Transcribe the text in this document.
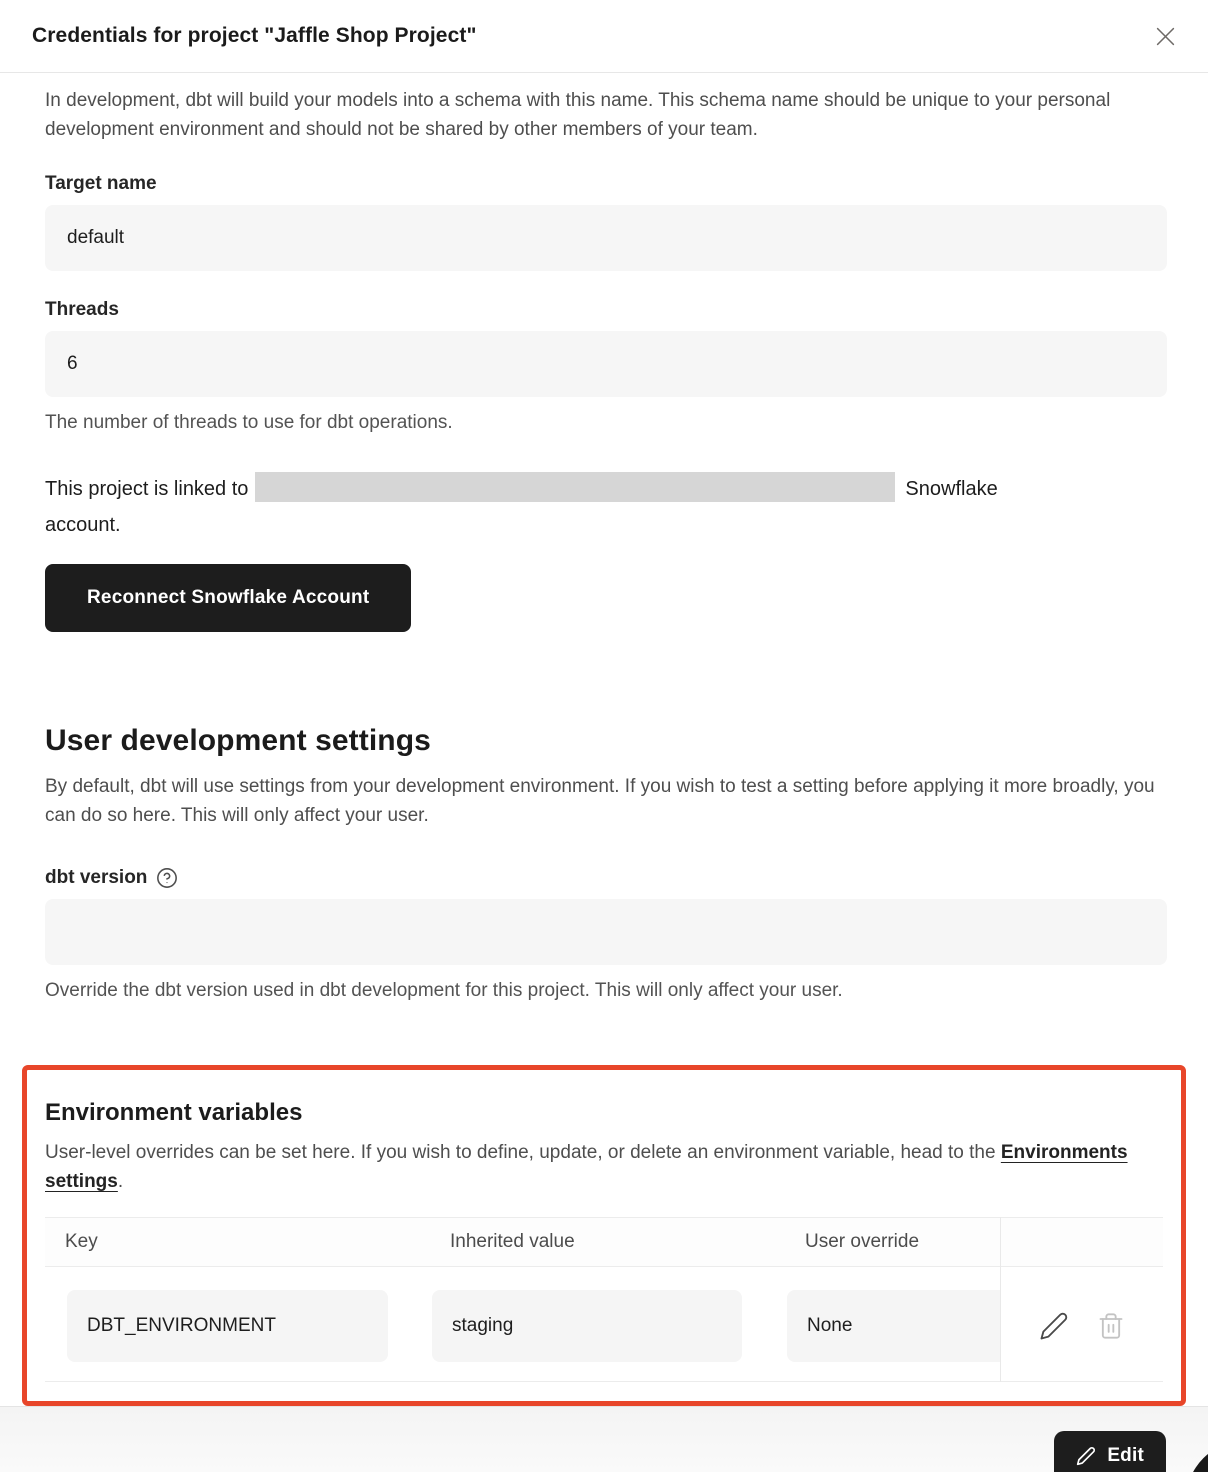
Credentials for project "Jaffle Shop Project"

In development, dbt will build your models into a schema with this name. This schema name should be unique to your personal development environment and should not be shared by other members of your team.

Target name
default
Threads
6

The number of threads to use for dbt operations.

This project is linked to	Snowflake
account.

Reconnect Snowflake Account
User development settings

By default, dbt will use settings from your development environment. If you wish to test a setting before applying it more broadly, you can do so here. This will only affect your user.

dbt version

Override the dbt version used in dbt development for this project. This will only affect your user.

Environment variables

User-level overrides can be set here. If you wish to define, update, or delete an environment variable, head to the Environments settings.

Key	Inherited value	User override
DBT_ENVIRONMENT	staging	None
Edit
